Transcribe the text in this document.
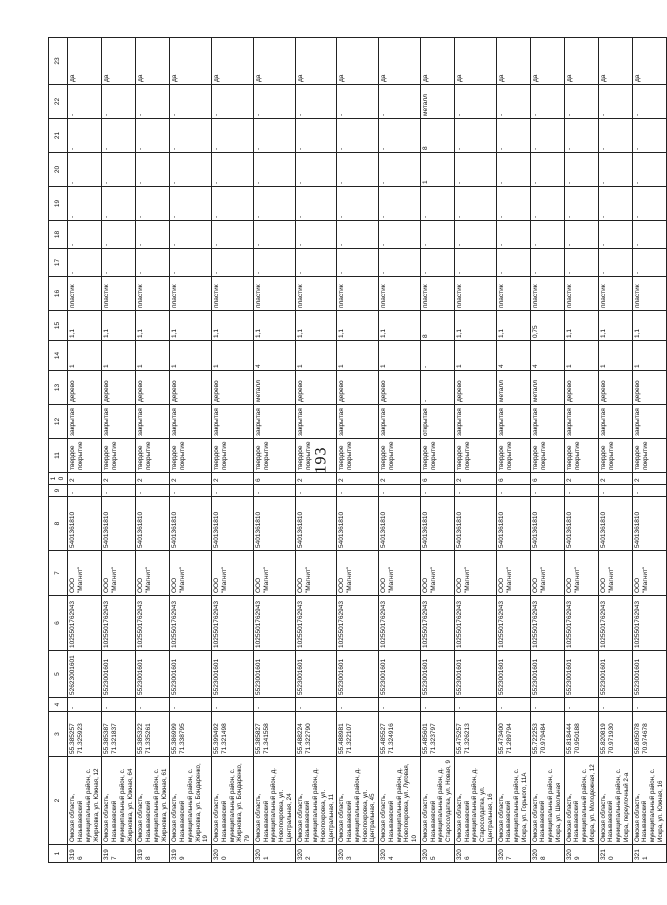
193
1	2	3	4	5	6	7	8	9	10	11	12	13	14	15	16	17	18	19	20	21	22	23
3196	Омская область, Называевский муниципальный район, с. Жирновка, ул. Южная, 12	55.385257 71.325923	-	52623001601	1025501762943	ООО "Магнит"	5401361810	-	2	твердое покрытие	закрытая	дерево	1	1,1	пластик	-	-	-	-	-	-	да
3197	Омская область, Называевский муниципальный район, с. Жирновка, ул. Южная, 64	55.385387 71.321837	-	5523001601	1025501762943	ООО "Магнит"	5401361810	-	2	твердое покрытие	закрытая	дерево	1	1,1	пластик	-	-	-	-	-	-	да
3198	Омская область, Называевский муниципальный район, с. Жирновка, ул. Южная, 61	55.385322 71.335261	-	5523001601	1025501762943	ООО "Магнит"	5401361810	-	2	твердое покрытие	закрытая	дерево	1	1,1	пластик	-	-	-	-	-	-	да
3199	Омская область, Называевский муниципальный район, с. Жирновка, ул. Бондаренко, 19	55.386999 71.338795	-	5523001601	1025501762943	ООО "Магнит"	5401361810	-	2	твердое покрытие	закрытая	дерево	1	1,1	пластик	-	-	-	-	-	-	да
3200	Омская область, Называевский муниципальный район, с. Жирновка, ул. Бондаренко, 79	55.399492 71.321498	-	5523001601	1025501762943	ООО "Магнит"	5401361810	-	2	твердое покрытие	закрытая	дерево	1	1,1	пластик	-	-	-	-	-	-	да
3201	Омская область, Называевский муниципальный район, д. Новопокровка, ул. Центральная, 24	55.385827 71.341558	-	5523001601	1025501762943	ООО "Магнит"	5401361810	-	6	твердое покрытие	закрытая	металл	4	1,1	пластик	-	-	-	-	-	-	да
3202	Омская область, Называевский муниципальный район, д. Новопокровка, ул. Центральная, 11	55.488224 71.322790	-	5523001601	1025501762943	ООО "Магнит"	5401361810	-	2	твердое покрытие	закрытая	дерево	1	1,1	пластик	-	-	-	-	-	-	да
3203	Омская область, Называевский муниципальный район, д. Новопокровка, ул. Центральная, 45	55.488981 71.322107	-	5523001601	1025501762943	ООО "Магнит"	5401361810	-	2	твердое покрытие	закрытая	дерево	1	1,1	пластик	-	-	-	-	-	-	да
3204	Омская область, Называевский муниципальный район, д. Новопокровка, ул. Луговая, 10	55.485527 71.324916	-	5523001601	1025501762943	ООО "Магнит"	5401361810	-	2	твердое покрытие	закрытая	дерево	1	1,1	пластик	-	-	-	-	-	-	да
3205	Омская область, Называевский муниципальный район, д. Старосолдатка, ул. Новая, 9	55.485601 71.323797	-	5523001601	1025501762943	ООО "Магнит"	5401361810	-	6	твердое покрытие	открытая	-	-	8	пластик	-	-	-	1	8	металл	да
3206	Омская область, Называевский муниципальный район, д. Старосолдатка, ул. Центральная, 16	55.475257 71.326213	-	5523001601	1025501762943	ООО "Магнит"	5401361810	-	2	твердое покрытие	закрытая	дерево	1	1,1	пластик	-	-	-	-	-	-	да
3207	Омская область, Называевский муниципальный район, с. Искра, ул. Горького, 11А	55.473400 71.289794	-	5523001601	1025501762943	ООО "Магнит"	5401361810	-	6	твердое покрытие	закрытая	металл	4	1,1	пластик	-	-	-	-	-	-	да
3208	Омская область, Называевский муниципальный район, с. Искра, ул. Школьная	55.722253 70.979484	-	5523001601	1025501762943	ООО "Магнит"	5401361810	-	6	твердое покрытие	закрытая	металл	4	0,75	пластик	-	-	-	-	-	-	да
3209	Омская область, Называевский муниципальный район, с. Искра, ул. Молодежная, 12	55.818444 70.950188	-	5523001601	1025501762943	ООО "Магнит"	5401361810	-	2	твердое покрытие	закрытая	дерево	1	1,1	пластик	-	-	-	-	-	-	да
3210	Омская область, Называевский муниципальный район, с. Искра, переулочный 2-а	55.820819 70.971930	-	5523001601	1025501762943	ООО "Магнит"	5401361810	-	2	твердое покрытие	закрытая	дерево	1	1,1	пластик	-	-	-	-	-	-	да
3211	Омская область, Называевский муниципальный район, с. Искра, ул. Южная, 16	55.805078 70.974678	-	5523001601	1025501762943	ООО "Магнит"	5401361810	-	2	твердое покрытие	закрытая	дерево	1	1,1	пластик	-	-	-	-	-	-	да
